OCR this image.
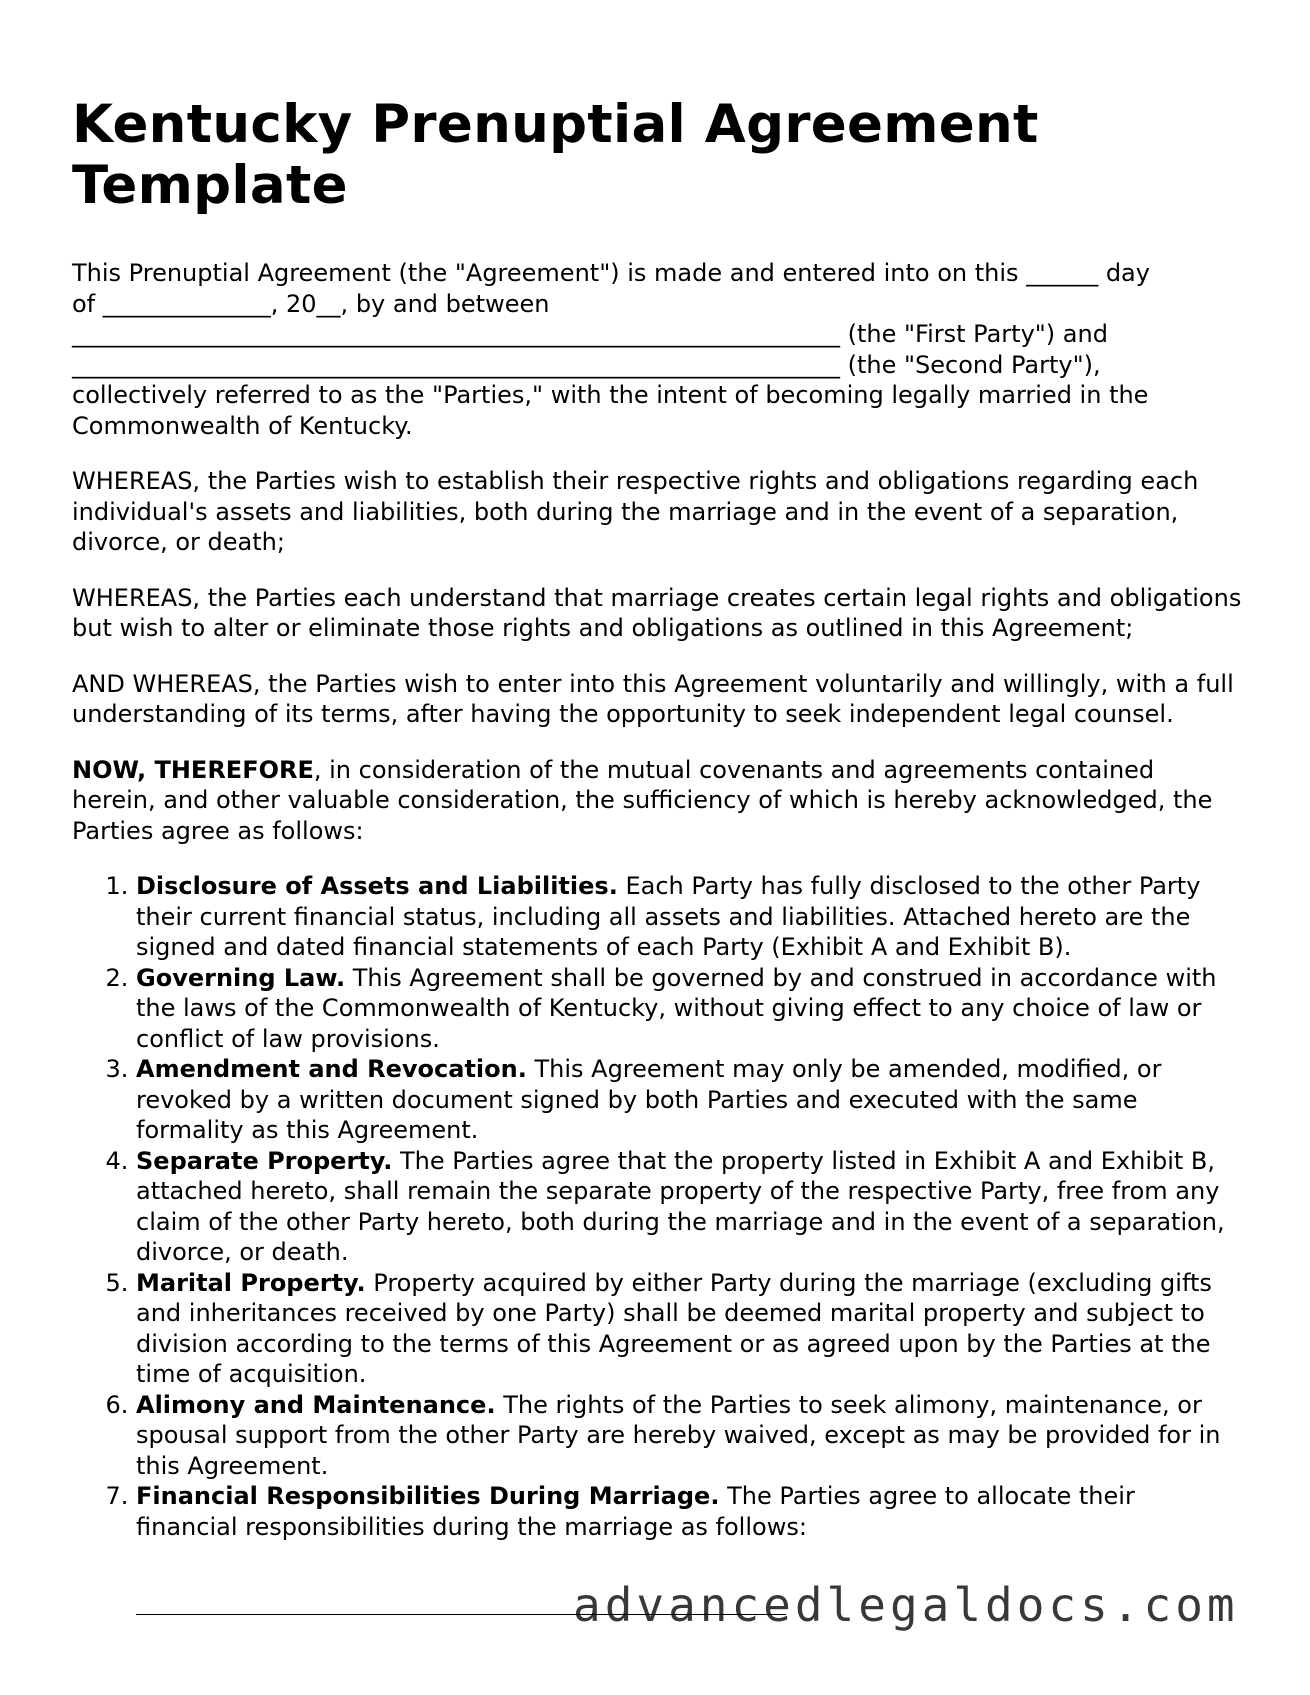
Kentucky Prenuptial Agreement Template

This Prenuptial Agreement (the "Agreement") is made and entered into on this ______ day
of ______________, 20__, by and between
________________________________________________________________ (the "First Party") and
________________________________________________________________ (the "Second Party"),
collectively referred to as the "Parties," with the intent of becoming legally married in the Commonwealth of Kentucky.

WHEREAS, the Parties wish to establish their respective rights and obligations regarding each individual's assets and liabilities, both during the marriage and in the event of a separation, divorce, or death;

WHEREAS, the Parties each understand that marriage creates certain legal rights and obligations but wish to alter or eliminate those rights and obligations as outlined in this Agreement;

AND WHEREAS, the Parties wish to enter into this Agreement voluntarily and willingly, with a full understanding of its terms, after having the opportunity to seek independent legal counsel.

NOW, THEREFORE, in consideration of the mutual covenants and agreements contained herein, and other valuable consideration, the sufficiency of which is hereby acknowledged, the Parties agree as follows:

1. Disclosure of Assets and Liabilities. Each Party has fully disclosed to the other Party their current financial status, including all assets and liabilities. Attached hereto are the signed and dated financial statements of each Party (Exhibit A and Exhibit B).
2. Governing Law. This Agreement shall be governed by and construed in accordance with the laws of the Commonwealth of Kentucky, without giving effect to any choice of law or conflict of law provisions.
3. Amendment and Revocation. This Agreement may only be amended, modified, or revoked by a written document signed by both Parties and executed with the same formality as this Agreement.
4. Separate Property. The Parties agree that the property listed in Exhibit A and Exhibit B, attached hereto, shall remain the separate property of the respective Party, free from any claim of the other Party hereto, both during the marriage and in the event of a separation, divorce, or death.
5. Marital Property. Property acquired by either Party during the marriage (excluding gifts and inheritances received by one Party) shall be deemed marital property and subject to division according to the terms of this Agreement or as agreed upon by the Parties at the time of acquisition.
6. Alimony and Maintenance. The rights of the Parties to seek alimony, maintenance, or spousal support from the other Party are hereby waived, except as may be provided for in this Agreement.
7. Financial Responsibilities During Marriage. The Parties agree to allocate their financial responsibilities during the marriage as follows:
advancedlegaldocs.com
